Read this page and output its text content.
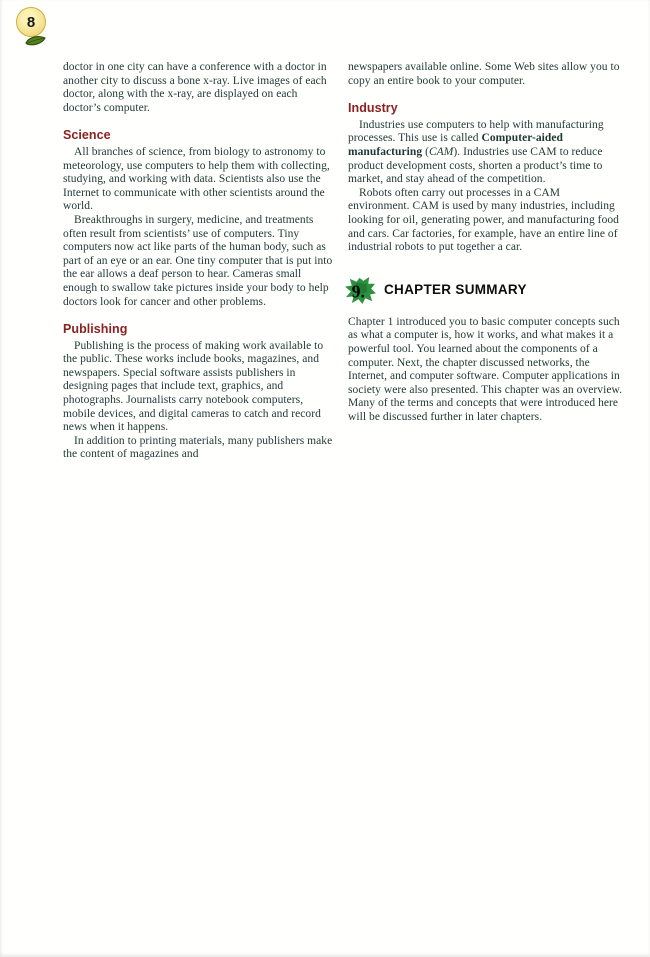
8

doctor in one city can have a conference with a doctor in another city to discuss a bone x-ray. Live images of each doctor, along with the x-ray, are displayed on each doctor’s computer.

Science

All branches of science, from biology to astronomy to meteorology, use computers to help them with collecting, studying, and working with data. Scientists also use the Internet to communicate with other scientists around the world.

Breakthroughs in surgery, medicine, and treatments often result from scientists’ use of computers. Tiny computers now act like parts of the human body, such as part of an eye or an ear. One tiny computer that is put into the ear allows a deaf person to hear. Cameras small enough to swallow take pictures inside your body to help doctors look for cancer and other problems.

Publishing

Publishing is the process of making work available to the public. These works include books, magazines, and newspapers. Special software assists publishers in designing pages that include text, graphics, and photographs. Journalists carry notebook computers, mobile devices, and digital cameras to catch and record news when it happens.

In addition to printing materials, many publishers make the content of magazines and

newspapers available online. Some Web sites allow you to copy an entire book to your computer.

Industry

Industries use computers to help with manufacturing processes. This use is called Computer-aided manufacturing (CAM). Industries use CAM to reduce product development costs, shorten a product’s time to market, and stay ahead of the competition.

Robots often carry out processes in a CAM environment. CAM is used by many industries, including looking for oil, generating power, and manufacturing food and cars. Car factories, for example, have an entire line of industrial robots to put together a car.

9. CHAPTER SUMMARY

Chapter 1 introduced you to basic computer concepts such as what a computer is, how it works, and what makes it a powerful tool. You learned about the components of a computer. Next, the chapter discussed networks, the Internet, and computer software. Computer applications in society were also presented. This chapter was an overview. Many of the terms and concepts that were introduced here will be discussed further in later chapters.
